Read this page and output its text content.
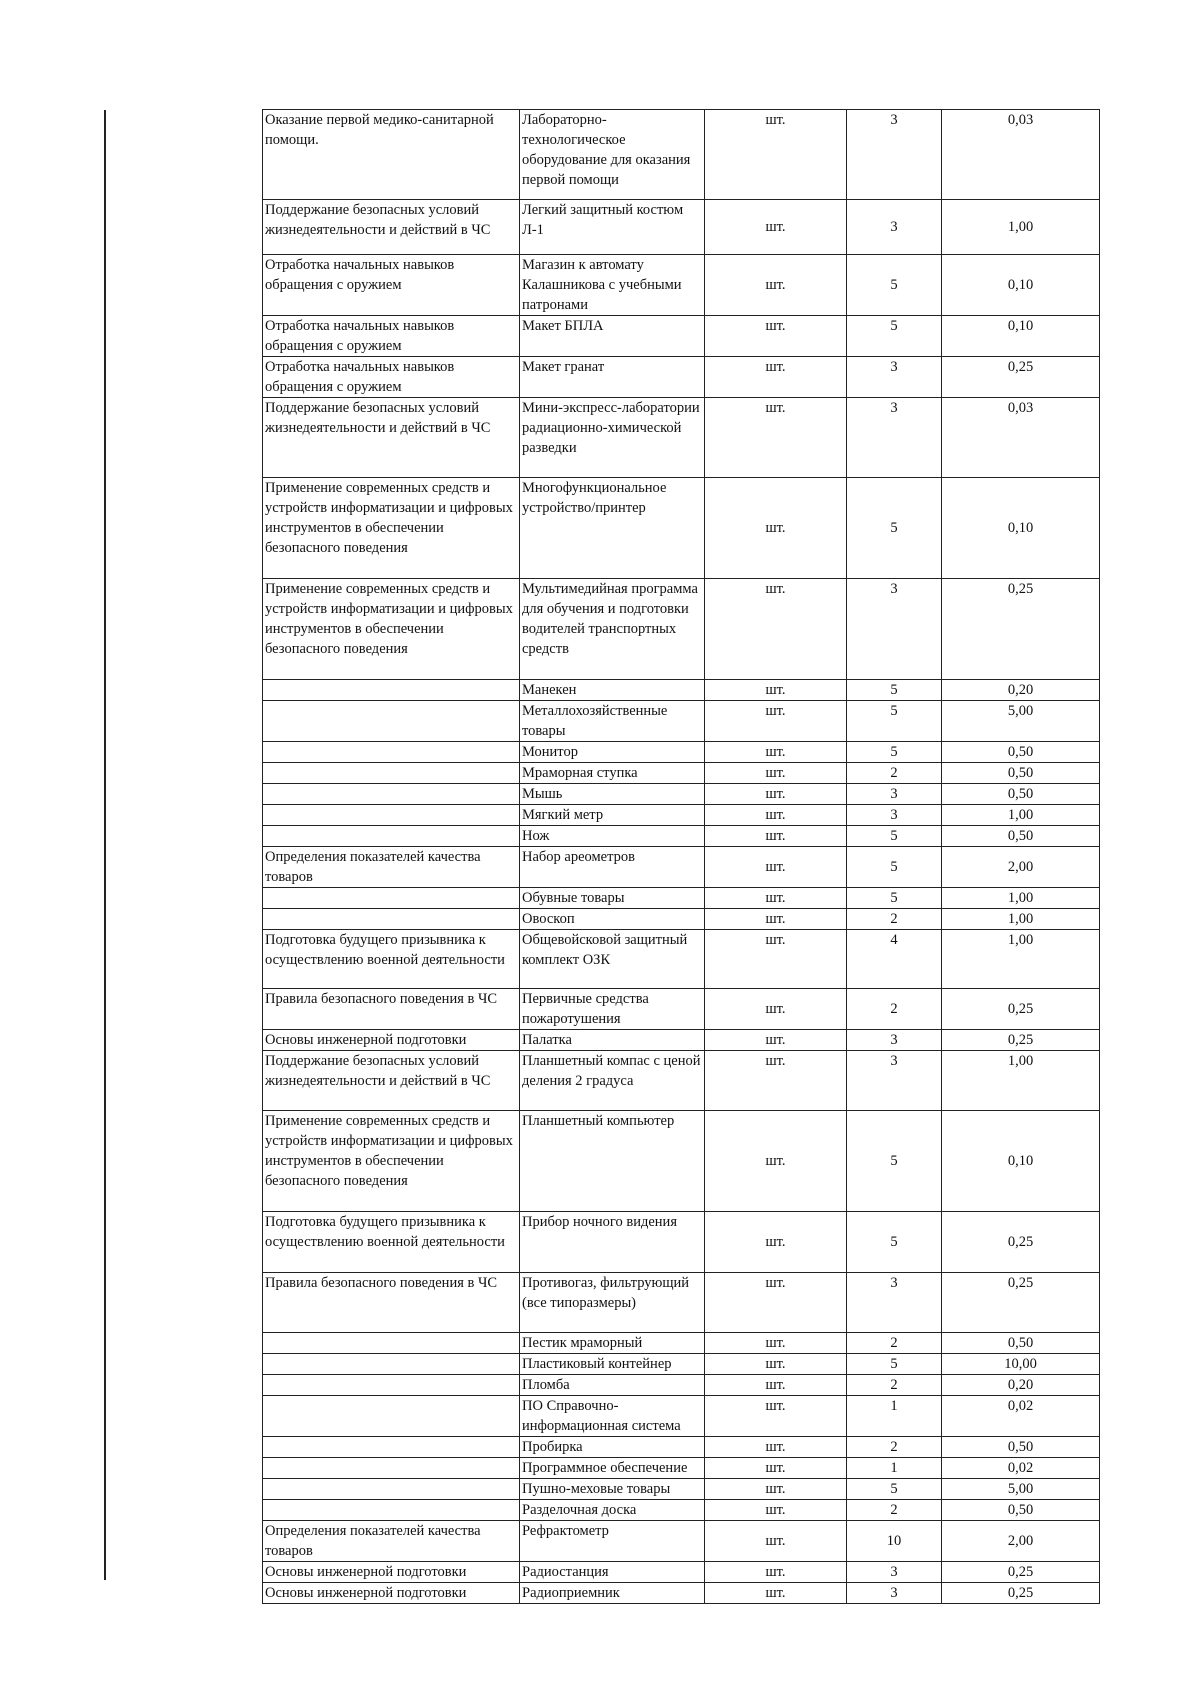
Оказание первой медико-санитарной помощи.	Лабораторно-технологическое оборудование для оказания первой помощи	шт.	3	0,03
Поддержание безопасных условий жизнедеятельности и действий в ЧС	Легкий защитный костюм Л-1	шт.	3	1,00
Отработка начальных навыков обращения с оружием	Магазин к автомату Калашникова с учебными патронами	шт.	5	0,10
Отработка начальных навыков обращения с оружием	Макет БПЛА	шт.	5	0,10
Отработка начальных навыков обращения с оружием	Макет гранат	шт.	3	0,25
Поддержание безопасных условий жизнедеятельности и действий в ЧС	Мини-экспресс-лаборатории радиационно-химической разведки	шт.	3	0,03
Применение современных средств и устройств информатизации и цифровых инструментов в обеспечении безопасного поведения	Многофункциональное устройство/принтер	шт.	5	0,10
Применение современных средств и устройств информатизации и цифровых инструментов в обеспечении безопасного поведения	Мультимедийная программа для обучения и подготовки водителей транспортных средств	шт.	3	0,25
	Манекен	шт.	5	0,20
	Металлохозяйственные товары	шт.	5	5,00
	Монитор	шт.	5	0,50
	Мраморная ступка	шт.	2	0,50
	Мышь	шт.	3	0,50
	Мягкий метр	шт.	3	1,00
	Нож	шт.	5	0,50
Определения показателей качества товаров	Набор ареометров	шт.	5	2,00
	Обувные товары	шт.	5	1,00
	Овоскоп	шт.	2	1,00
Подготовка будущего призывника к осуществлению военной деятельности	Общевойсковой защитный комплект ОЗК	шт.	4	1,00
Правила безопасного поведения в ЧС	Первичные средства пожаротушения	шт.	2	0,25
Основы инженерной подготовки	Палатка	шт.	3	0,25
Поддержание безопасных условий жизнедеятельности и действий в ЧС	Планшетный компас с ценой деления 2 градуса	шт.	3	1,00
Применение современных средств и устройств информатизации и цифровых инструментов в обеспечении безопасного поведения	Планшетный компьютер	шт.	5	0,10
Подготовка будущего призывника к осуществлению военной деятельности	Прибор ночного видения	шт.	5	0,25
Правила безопасного поведения в ЧС	Противогаз, фильтрующий (все типоразмеры)	шт.	3	0,25
	Пестик мраморный	шт.	2	0,50
	Пластиковый контейнер	шт.	5	10,00
	Пломба	шт.	2	0,20
	ПО Справочно-информационная система	шт.	1	0,02
	Пробирка	шт.	2	0,50
	Программное обеспечение	шт.	1	0,02
	Пушно-меховые товары	шт.	5	5,00
	Разделочная доска	шт.	2	0,50
Определения показателей качества товаров	Рефрактометр	шт.	10	2,00
Основы инженерной подготовки	Радиостанция	шт.	3	0,25
Основы инженерной подготовки	Радиоприемник	шт.	3	0,25
